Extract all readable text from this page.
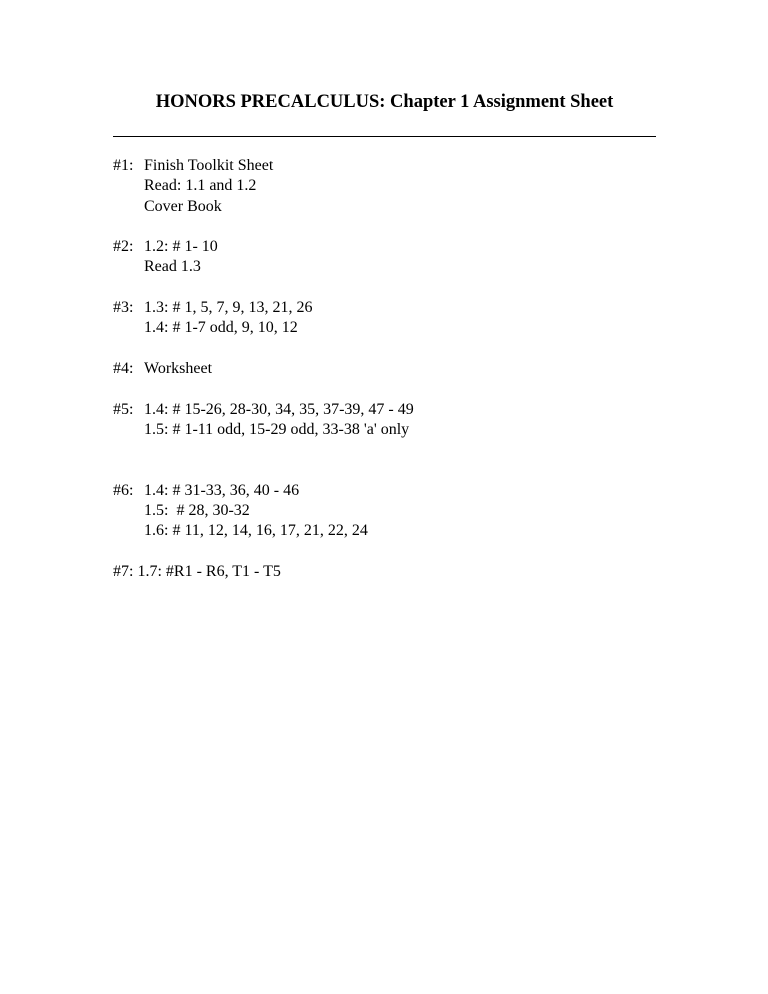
HONORS PRECALCULUS: Chapter 1 Assignment Sheet
#1: Finish Toolkit Sheet
Read: 1.1 and 1.2
Cover Book
#2: 1.2: # 1- 10
Read 1.3
#3: 1.3: # 1, 5, 7, 9, 13, 21, 26
1.4: # 1-7 odd, 9, 10, 12
#4: Worksheet
#5: 1.4: # 15-26, 28-30, 34, 35, 37-39, 47 - 49
1.5: # 1-11 odd, 15-29 odd, 33-38 'a' only
#6: 1.4: # 31-33, 36, 40 - 46
1.5:  # 28, 30-32
1.6: # 11, 12, 14, 16, 17, 21, 22, 24
#7: 1.7: #R1 - R6, T1 - T5
